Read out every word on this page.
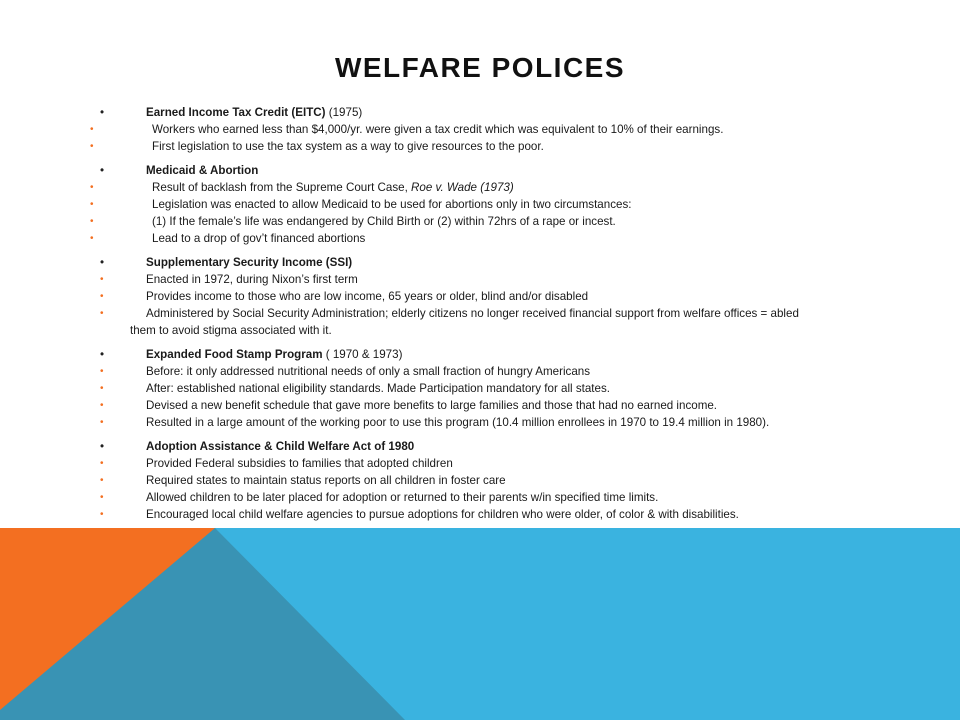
WELFARE POLICES
•	Earned Income Tax Credit (EITC) (1975)
•	Workers who earned less than $4,000/yr. were given a tax credit which was equivalent to 10% of their earnings.
•	First legislation to use the tax system as a way to give resources to the poor.
•	Medicaid & Abortion
•	Result of backlash from the Supreme Court Case, Roe v. Wade (1973)
•	Legislation was enacted to allow Medicaid to be used for abortions only in two circumstances:
•	(1) If the female’s life was endangered by Child Birth or (2) within 72hrs of a rape or incest.
•	Lead to a drop of gov’t financed abortions
•	Supplementary Security Income (SSI)
•	Enacted in 1972, during Nixon’s first term
•	Provides income to those who are low income, 65 years or older, blind and/or disabled
•	Administered by Social Security Administration; elderly citizens no longer received financial support from welfare offices = abled
them to avoid stigma associated with it.
•	Expanded Food Stamp Program ( 1970 & 1973)
•	Before: it only addressed nutritional needs of only a small fraction of hungry Americans
•	After: established national eligibility standards. Made Participation mandatory for all states.
•	Devised a new benefit schedule that gave more benefits to large families and those that had no earned income.
•	Resulted in a large amount of the working poor to use this program (10.4 million enrollees in 1970 to 19.4 million in 1980).
•	Adoption Assistance & Child Welfare Act of 1980
•	Provided Federal subsidies to families that adopted children
•	Required states to maintain status reports on all children in foster care
•	Allowed children to be later placed for adoption or returned to their parents w/in specified time limits.
•	Encouraged local child welfare agencies to pursue adoptions for children who were older, of color & with disabilities.
